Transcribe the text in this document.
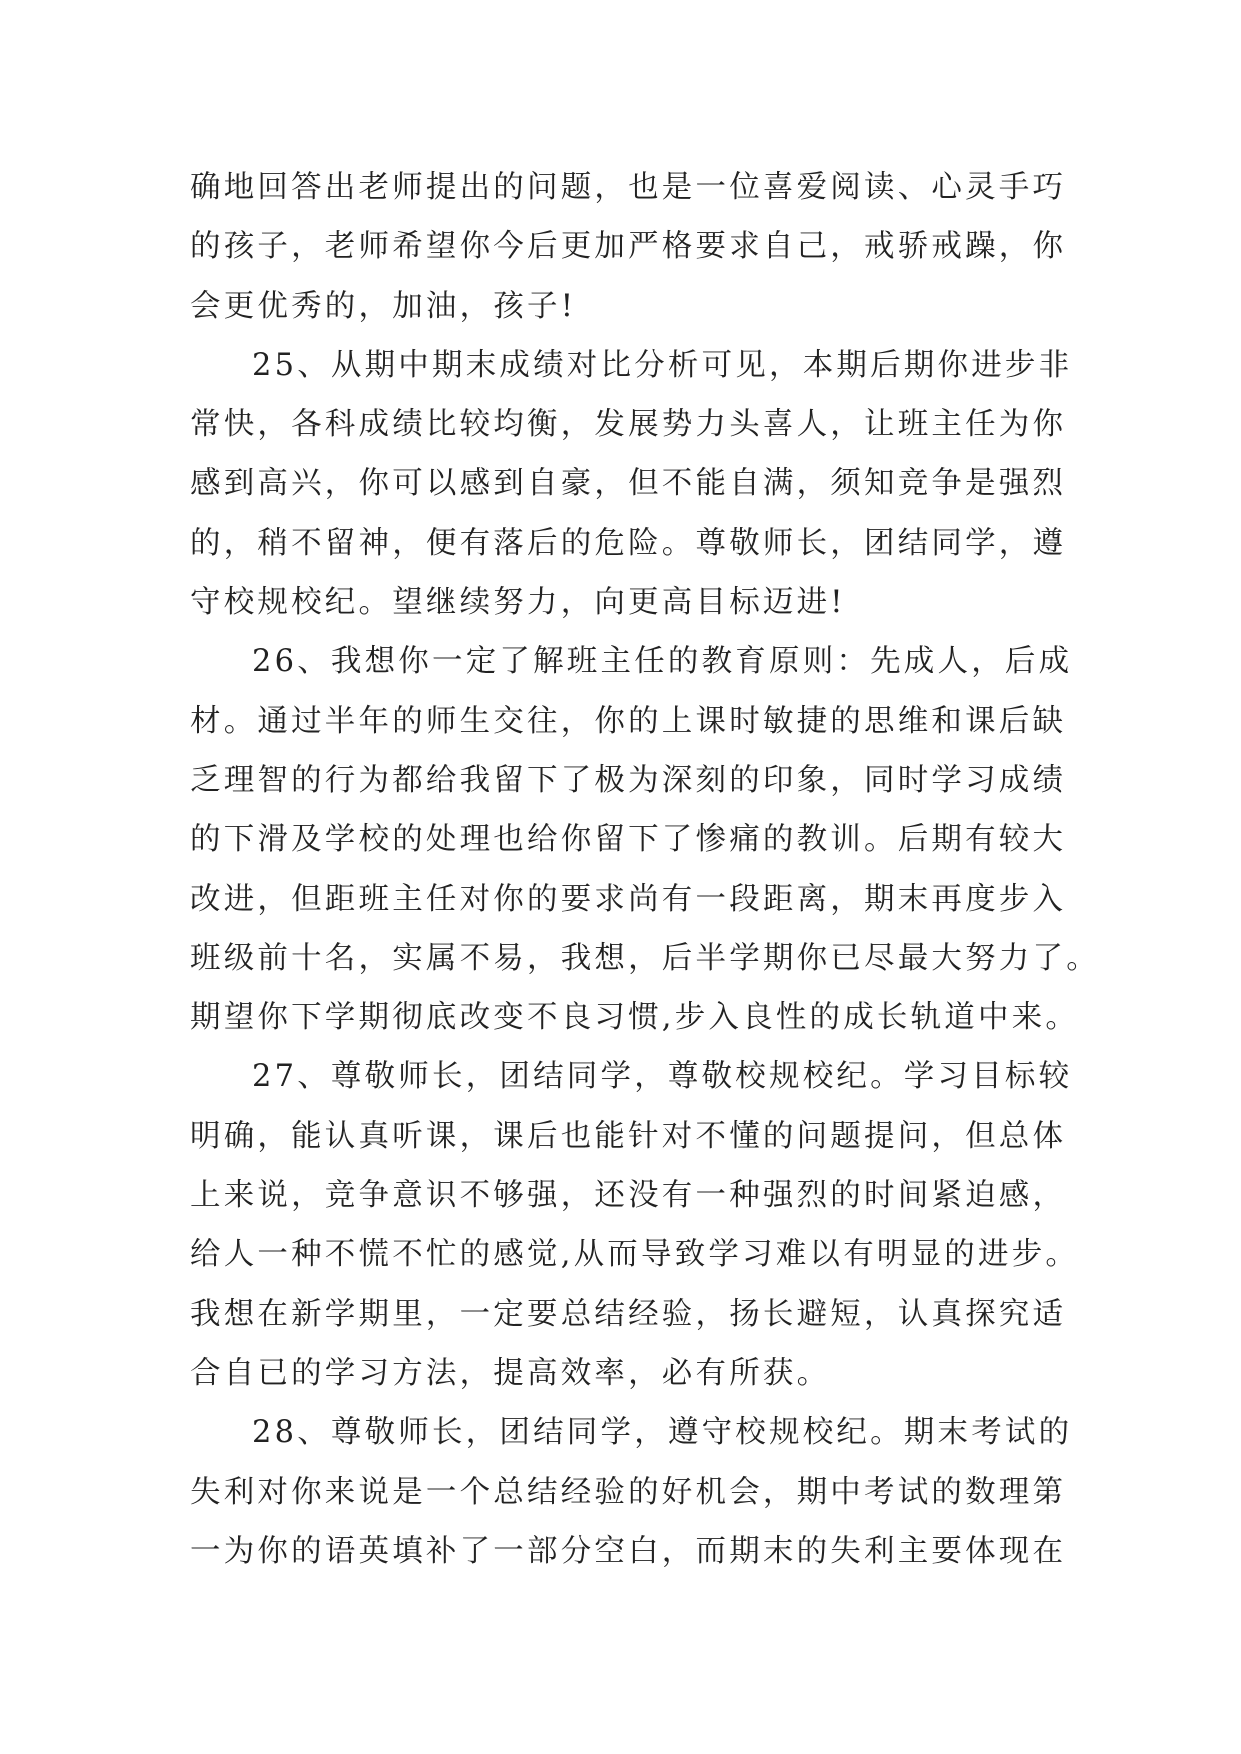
确地回答出老师提出的问题，也是一位喜爱阅读、心灵手巧
的孩子，老师希望你今后更加严格要求自己，戒骄戒躁，你
会更优秀的，加油，孩子!
25、从期中期末成绩对比分析可见，本期后期你进步非
常快，各科成绩比较均衡，发展势力头喜人，让班主任为你
感到高兴，你可以感到自豪，但不能自满，须知竞争是强烈
的，稍不留神，便有落后的危险。尊敬师长，团结同学，遵
守校规校纪。望继续努力，向更高目标迈进!
26、我想你一定了解班主任的教育原则：先成人，后成
材。通过半年的师生交往，你的上课时敏捷的思维和课后缺
乏理智的行为都给我留下了极为深刻的印象，同时学习成绩
的下滑及学校的处理也给你留下了惨痛的教训。后期有较大
改进，但距班主任对你的要求尚有一段距离，期末再度步入
班级前十名，实属不易，我想，后半学期你已尽最大努力了。
期望你下学期彻底改变不良习惯,步入良性的成长轨道中来。
27、尊敬师长，团结同学，尊敬校规校纪。学习目标较
明确，能认真听课，课后也能针对不懂的问题提问，但总体
上来说，竞争意识不够强，还没有一种强烈的时间紧迫感，
给人一种不慌不忙的感觉,从而导致学习难以有明显的进步。
我想在新学期里，一定要总结经验，扬长避短，认真探究适
合自已的学习方法，提高效率，必有所获。
28、尊敬师长，团结同学，遵守校规校纪。期末考试的
失利对你来说是一个总结经验的好机会，期中考试的数理第
一为你的语英填补了一部分空白，而期末的失利主要体现在
